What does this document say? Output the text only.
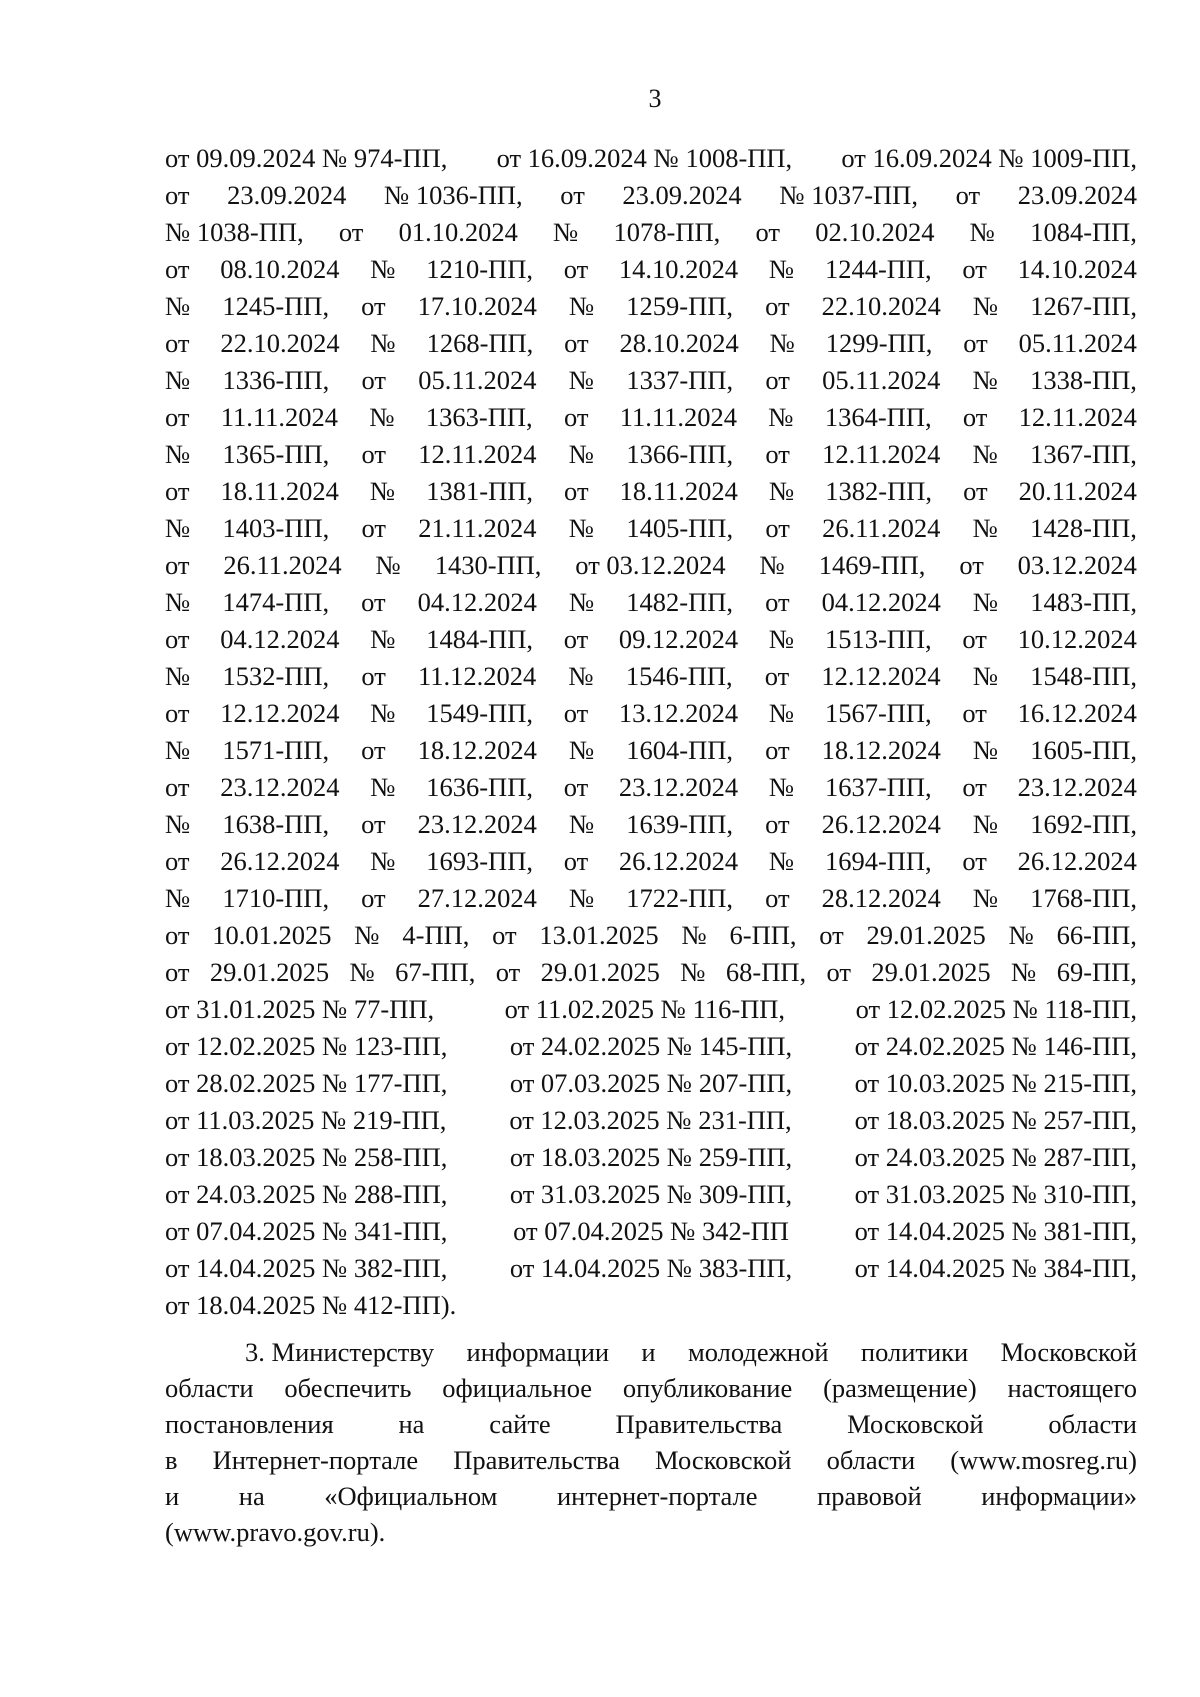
3
от 09.09.2024 № 974-ПП, от 16.09.2024 № 1008-ПП, от 16.09.2024 № 1009-ПП,
от 23.09.2024 № 1036-ПП, от 23.09.2024 № 1037-ПП, от 23.09.2024
№ 1038-ПП, от 01.10.2024 № 1078-ПП, от 02.10.2024 № 1084-ПП,
от 08.10.2024 № 1210-ПП, от 14.10.2024 № 1244-ПП, от 14.10.2024
№ 1245-ПП, от 17.10.2024 № 1259-ПП, от 22.10.2024 № 1267-ПП,
от 22.10.2024 № 1268-ПП, от 28.10.2024 № 1299-ПП, от 05.11.2024
№ 1336-ПП, от 05.11.2024 № 1337-ПП, от 05.11.2024 № 1338-ПП,
от 11.11.2024 № 1363-ПП, от 11.11.2024 № 1364-ПП, от 12.11.2024
№ 1365-ПП, от 12.11.2024 № 1366-ПП, от 12.11.2024 № 1367-ПП,
от 18.11.2024 № 1381-ПП, от 18.11.2024 № 1382-ПП, от 20.11.2024
№ 1403-ПП, от 21.11.2024 № 1405-ПП, от 26.11.2024 № 1428-ПП,
от 26.11.2024 № 1430-ПП, от 03.12.2024 № 1469-ПП, от 03.12.2024
№ 1474-ПП, от 04.12.2024 № 1482-ПП, от 04.12.2024 № 1483-ПП,
от 04.12.2024 № 1484-ПП, от 09.12.2024 № 1513-ПП, от 10.12.2024
№ 1532-ПП, от 11.12.2024 № 1546-ПП, от 12.12.2024 № 1548-ПП,
от 12.12.2024 № 1549-ПП, от 13.12.2024 № 1567-ПП, от 16.12.2024
№ 1571-ПП, от 18.12.2024 № 1604-ПП, от 18.12.2024 № 1605-ПП,
от 23.12.2024 № 1636-ПП, от 23.12.2024 № 1637-ПП, от 23.12.2024
№ 1638-ПП, от 23.12.2024 № 1639-ПП, от 26.12.2024 № 1692-ПП,
от 26.12.2024 № 1693-ПП, от 26.12.2024 № 1694-ПП, от 26.12.2024
№ 1710-ПП, от 27.12.2024 № 1722-ПП, от 28.12.2024 № 1768-ПП,
от 10.01.2025 № 4-ПП, от 13.01.2025 № 6-ПП, от 29.01.2025 № 66-ПП,
от 29.01.2025 № 67-ПП, от 29.01.2025 № 68-ПП, от 29.01.2025 № 69-ПП,
от 31.01.2025 № 77-ПП,	от 11.02.2025 № 116-ПП,	от 12.02.2025 № 118-ПП,
от 12.02.2025 № 123-ПП, от 24.02.2025 № 145-ПП, от 24.02.2025 № 146-ПП,
от 28.02.2025 № 177-ПП, от 07.03.2025 № 207-ПП, от 10.03.2025 № 215-ПП,
от 11.03.2025 № 219-ПП, от 12.03.2025 № 231-ПП, от 18.03.2025 № 257-ПП,
от 18.03.2025 № 258-ПП, от 18.03.2025 № 259-ПП, от 24.03.2025 № 287-ПП,
от 24.03.2025 № 288-ПП, от 31.03.2025 № 309-ПП, от 31.03.2025 № 310-ПП,
от 07.04.2025 № 341-ПП, от 07.04.2025 № 342-ПП от 14.04.2025 № 381-ПП,
от 14.04.2025 № 382-ПП, от 14.04.2025 № 383-ПП, от 14.04.2025 № 384-ПП,
от 18.04.2025 № 412-ПП).
3. Министерству информации и молодежной политики Московской
области обеспечить официальное опубликование (размещение) настоящего
постановления на сайте Правительства Московской области
в Интернет-портале Правительства Московской области (www.mosreg.ru)
и на «Официальном интернет-портале правовой информации»
(www.pravo.gov.ru).
